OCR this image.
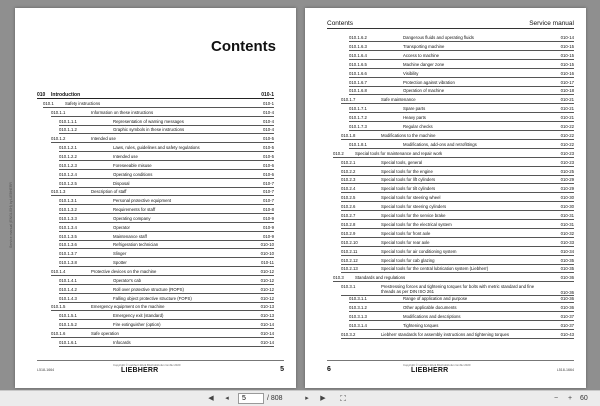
Service manual (ENGLISH) by LIEBHERR
Contents
010 Introduction	010-1
010.1	Safety instructions	010-1
010.1.1	Information on these instructions	010-4
010.1.1.1	Representation of warning messages	010-4
010.1.1.2	Graphic symbols in these instructions	010-4
010.1.2	Intended use	010-5
010.1.2.1	Laws, rules, guidelines and safety regulations	010-5
010.1.2.2	Intended use	010-5
010.1.2.3	Foreseeable misuse	010-6
010.1.2.4	Operating conditions	010-6
010.1.2.5	Disposal	010-7
010.1.3	Description of staff	010-7
010.1.3.1	Personal protective equipment	010-7
010.1.3.2	Requirements for staff	010-8
010.1.3.3	Operating company	010-9
010.1.3.4	Operator	010-9
010.1.3.5	Maintenance staff	010-9
010.1.3.6	Refrigeration technician	010-10
010.1.3.7	Slinger	010-10
010.1.3.8	Spotter	010-11
010.1.4	Protective devices on the machine	010-12
010.1.4.1	Operator's cab	010-12
010.1.4.2	Roll over protective structure (ROPS)	010-12
010.1.4.3	Falling object protective structure (FOPS)	010-12
010.1.5	Emergency equipment on the machine	010-13
010.1.5.1	Emergency exit (standard)	010-13
010.1.5.2	Fire extinguisher (option)	010-14
010.1.6	Safe operation	010-14
010.1.6.1	Infocards	010-14
L518-1664
Copyright © Liebherr-Werk Bischofshofen GmbH 2020
LIEBHERR	5
Contents	Service manual
010.1.6.2	Dangerous fluids and operating fluids	010-14
010.1.6.3	Transporting machine	010-15
010.1.6.4	Access to machine	010-15
010.1.6.5	Machine danger zone	010-15
010.1.6.6	Visibility	010-16
010.1.6.7	Protection against vibration	010-17
010.1.6.8	Operation of machine	010-18
010.1.7	Safe maintenance	010-21
010.1.7.1	Spare parts	010-21
010.1.7.2	Heavy parts	010-21
010.1.7.3	Regular checks	010-22
010.1.8	Modifications to the machine	010-22
010.1.8.1	Modifications, add-ons and retrofittings	010-22
010.2	Special tools for maintenance and repair work	010-23
010.2.1	Special tools, general	010-23
010.2.2	Special tools for the engine	010-25
010.2.3	Special tools for lift cylinders	010-29
010.2.4	Special tools for tilt cylinders	010-29
010.2.5	Special tools for steering wheel	010-30
010.2.6	Special tools for steering cylinders	010-30
010.2.7	Special tools for the service brake	010-31
010.2.8	Special tools for the electrical system	010-31
010.2.9	Special tools for front axle	010-32
010.2.10	Special tools for rear axle	010-33
010.2.11	Special tools for air conditioning system	010-34
010.2.12	Special tools for cab glazing	010-35
010.2.13	Special tools for the central lubrication system (Liebherr)	010-35
010.3	Standards and regulations	010-36
010.3.1	Prestressing forces and tightening torques for bolts with metric standard and fine threads as per DIN ISO 261	010-36
010.3.1.1	Range of application and purpose	010-36
010.3.1.2	Other applicable documents	010-36
010.3.1.3	Modifications and descriptions	010-37
010.3.1.4	Tightening torques	010-37
010.3.2	Liebherr standards for assembly instructions and tightening torques	010-43
6
Copyright © Liebherr-Werk Bischofshofen GmbH 2020
LIEBHERR	L518-1664
◀	◂
5	/ 808	▸	▶ ⛶	−	+	60
